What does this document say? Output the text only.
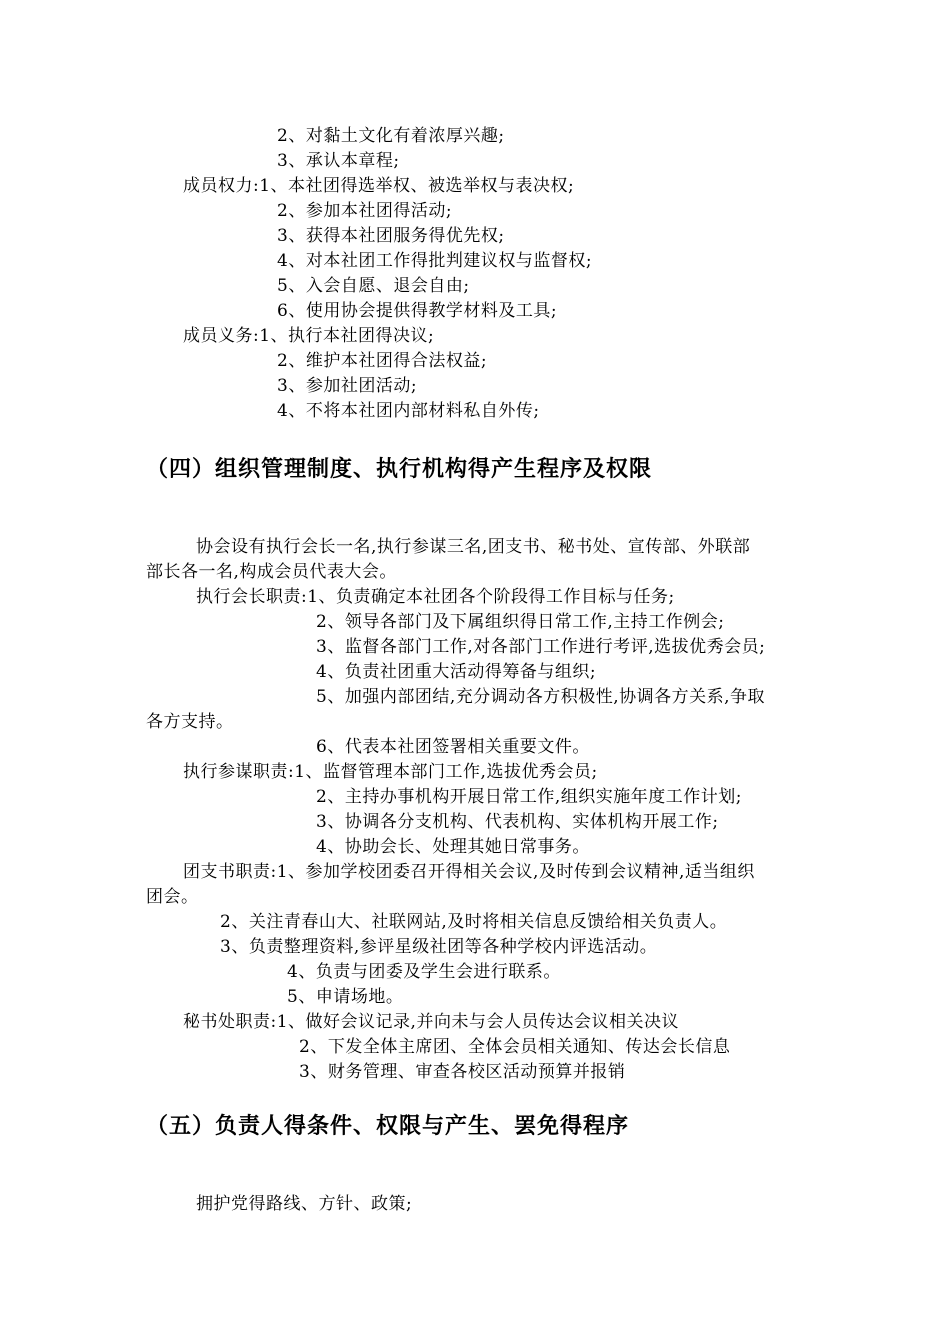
2、对黏土文化有着浓厚兴趣;
3、承认本章程;
成员权力:1、本社团得选举权、被选举权与表决权;
2、参加本社团得活动;
3、获得本社团服务得优先权;
4、对本社团工作得批判建议权与监督权;
5、入会自愿、退会自由;
6、使用协会提供得教学材料及工具;
成员义务:1、执行本社团得决议;
2、维护本社团得合法权益;
3、参加社团活动;
4、不将本社团内部材料私自外传;
（四）组织管理制度、执行机构得产生程序及权限
协会设有执行会长一名,执行参谋三名,团支书、秘书处、宣传部、外联部
部长各一名,构成会员代表大会。
执行会长职责:1、负责确定本社团各个阶段得工作目标与任务;
2、领导各部门及下属组织得日常工作,主持工作例会;
3、监督各部门工作,对各部门工作进行考评,选拔优秀会员;
4、负责社团重大活动得筹备与组织;
5、加强内部团结,充分调动各方积极性,协调各方关系,争取
各方支持。
6、代表本社团签署相关重要文件。
执行参谋职责:1、监督管理本部门工作,选拔优秀会员;
2、主持办事机构开展日常工作,组织实施年度工作计划;
3、协调各分支机构、代表机构、实体机构开展工作;
4、协助会长、处理其她日常事务。
团支书职责:1、参加学校团委召开得相关会议,及时传到会议精神,适当组织
团会。
2、关注青春山大、社联网站,及时将相关信息反馈给相关负责人。
3、负责整理资料,参评星级社团等各种学校内评选活动。
4、负责与团委及学生会进行联系。
5、申请场地。
秘书处职责:1、做好会议记录,并向未与会人员传达会议相关决议
2、下发全体主席团、全体会员相关通知、传达会长信息
3、财务管理、审查各校区活动预算并报销
（五）负责人得条件、权限与产生、罢免得程序
拥护党得路线、方针、政策;
